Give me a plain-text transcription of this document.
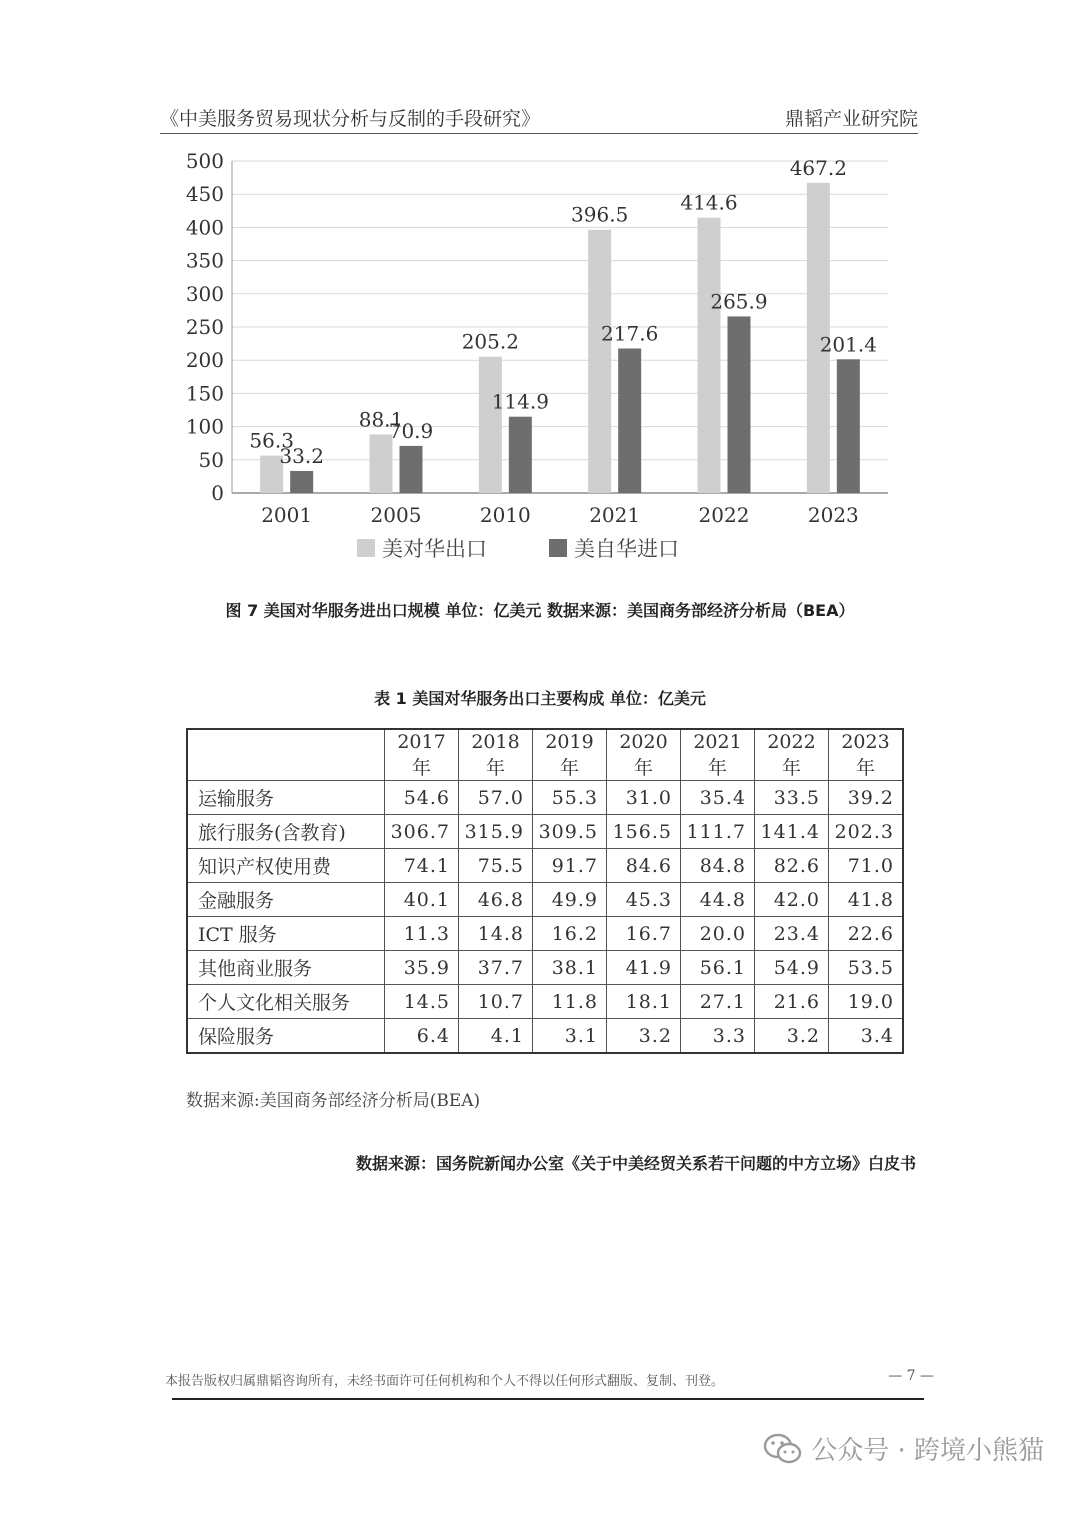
《中美服务贸易现状分析与反制的手段研究》	鼎韬产业研究院
0
50
100
150
200
250
300
350
400
450
500
56.3
33.2
2001
88.1
70.9
2005
205.2
114.9
2010
396.5
217.6
2021
414.6
265.9
2022
467.2
201.4
2023
美对华出口	美自华进口
图 7 美国对华服务进出口规模 单位：亿美元 数据来源：美国商务部经济分析局（BEA）
表 1 美国对华服务出口主要构成 单位：亿美元
	2017 年	2018 年	2019 年	2020 年	2021 年	2022 年	2023 年
运输服务	54.6	57.0	55.3	31.0	35.4	33.5	39.2
旅行服务(含教育)	306.7	315.9	309.5	156.5	111.7	141.4	202.3
知识产权使用费	74.1	75.5	91.7	84.6	84.8	82.6	71.0
金融服务	40.1	46.8	49.9	45.3	44.8	42.0	41.8
ICT 服务	11.3	14.8	16.2	16.7	20.0	23.4	22.6
其他商业服务	35.9	37.7	38.1	41.9	56.1	54.9	53.5
个人文化相关服务	14.5	10.7	11.8	18.1	27.1	21.6	19.0
保险服务	6.4	4.1	3.1	3.2	3.3	3.2	3.4
数据来源:美国商务部经济分析局(BEA)
数据来源：国务院新闻办公室《关于中美经贸关系若干问题的中方立场》白皮书
本报告版权归属鼎韬咨询所有，未经书面许可任何机构和个人不得以任何形式翻版、复制、刊登。	— 7 —
公众号 · 跨境小熊猫
